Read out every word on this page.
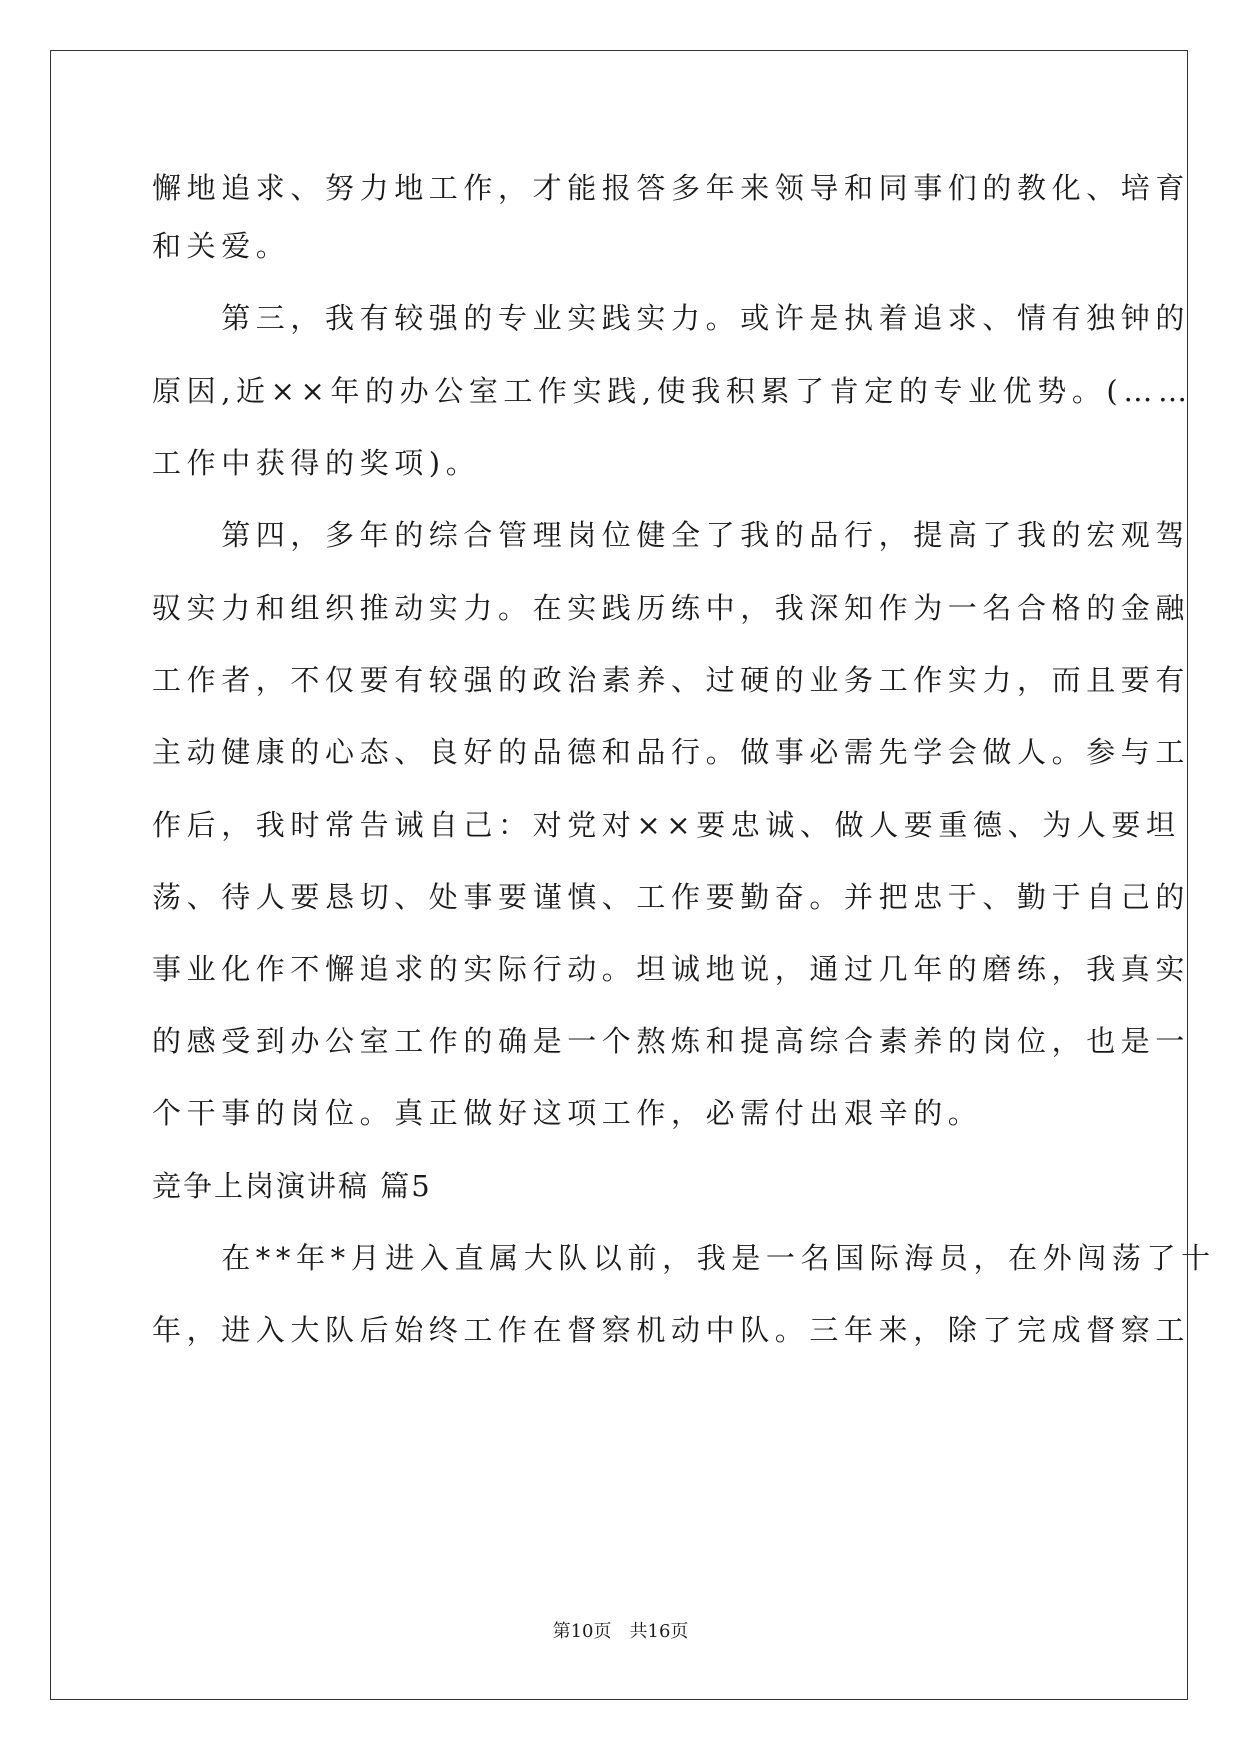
懈地追求、努力地工作，才能报答多年来领导和同事们的教化、培育
和关爱。
　　第三，我有较强的专业实践实力。或许是执着追求、情有独钟的
原因,近××年的办公室工作实践,使我积累了肯定的专业优势。(……
工作中获得的奖项)。
　　第四，多年的综合管理岗位健全了我的品行，提高了我的宏观驾
驭实力和组织推动实力。在实践历练中，我深知作为一名合格的金融
工作者，不仅要有较强的政治素养、过硬的业务工作实力，而且要有
主动健康的心态、良好的品德和品行。做事必需先学会做人。参与工
作后，我时常告诫自己：对党对××要忠诚、做人要重德、为人要坦
荡、待人要恳切、处事要谨慎、工作要勤奋。并把忠于、勤于自己的
事业化作不懈追求的实际行动。坦诚地说，通过几年的磨练，我真实
的感受到办公室工作的确是一个熬炼和提高综合素养的岗位，也是一
个干事的岗位。真正做好这项工作，必需付出艰辛的。
竞争上岗演讲稿 篇5
　　在**年*月进入直属大队以前，我是一名国际海员，在外闯荡了十
年，进入大队后始终工作在督察机动中队。三年来，除了完成督察工
第10页　共16页
